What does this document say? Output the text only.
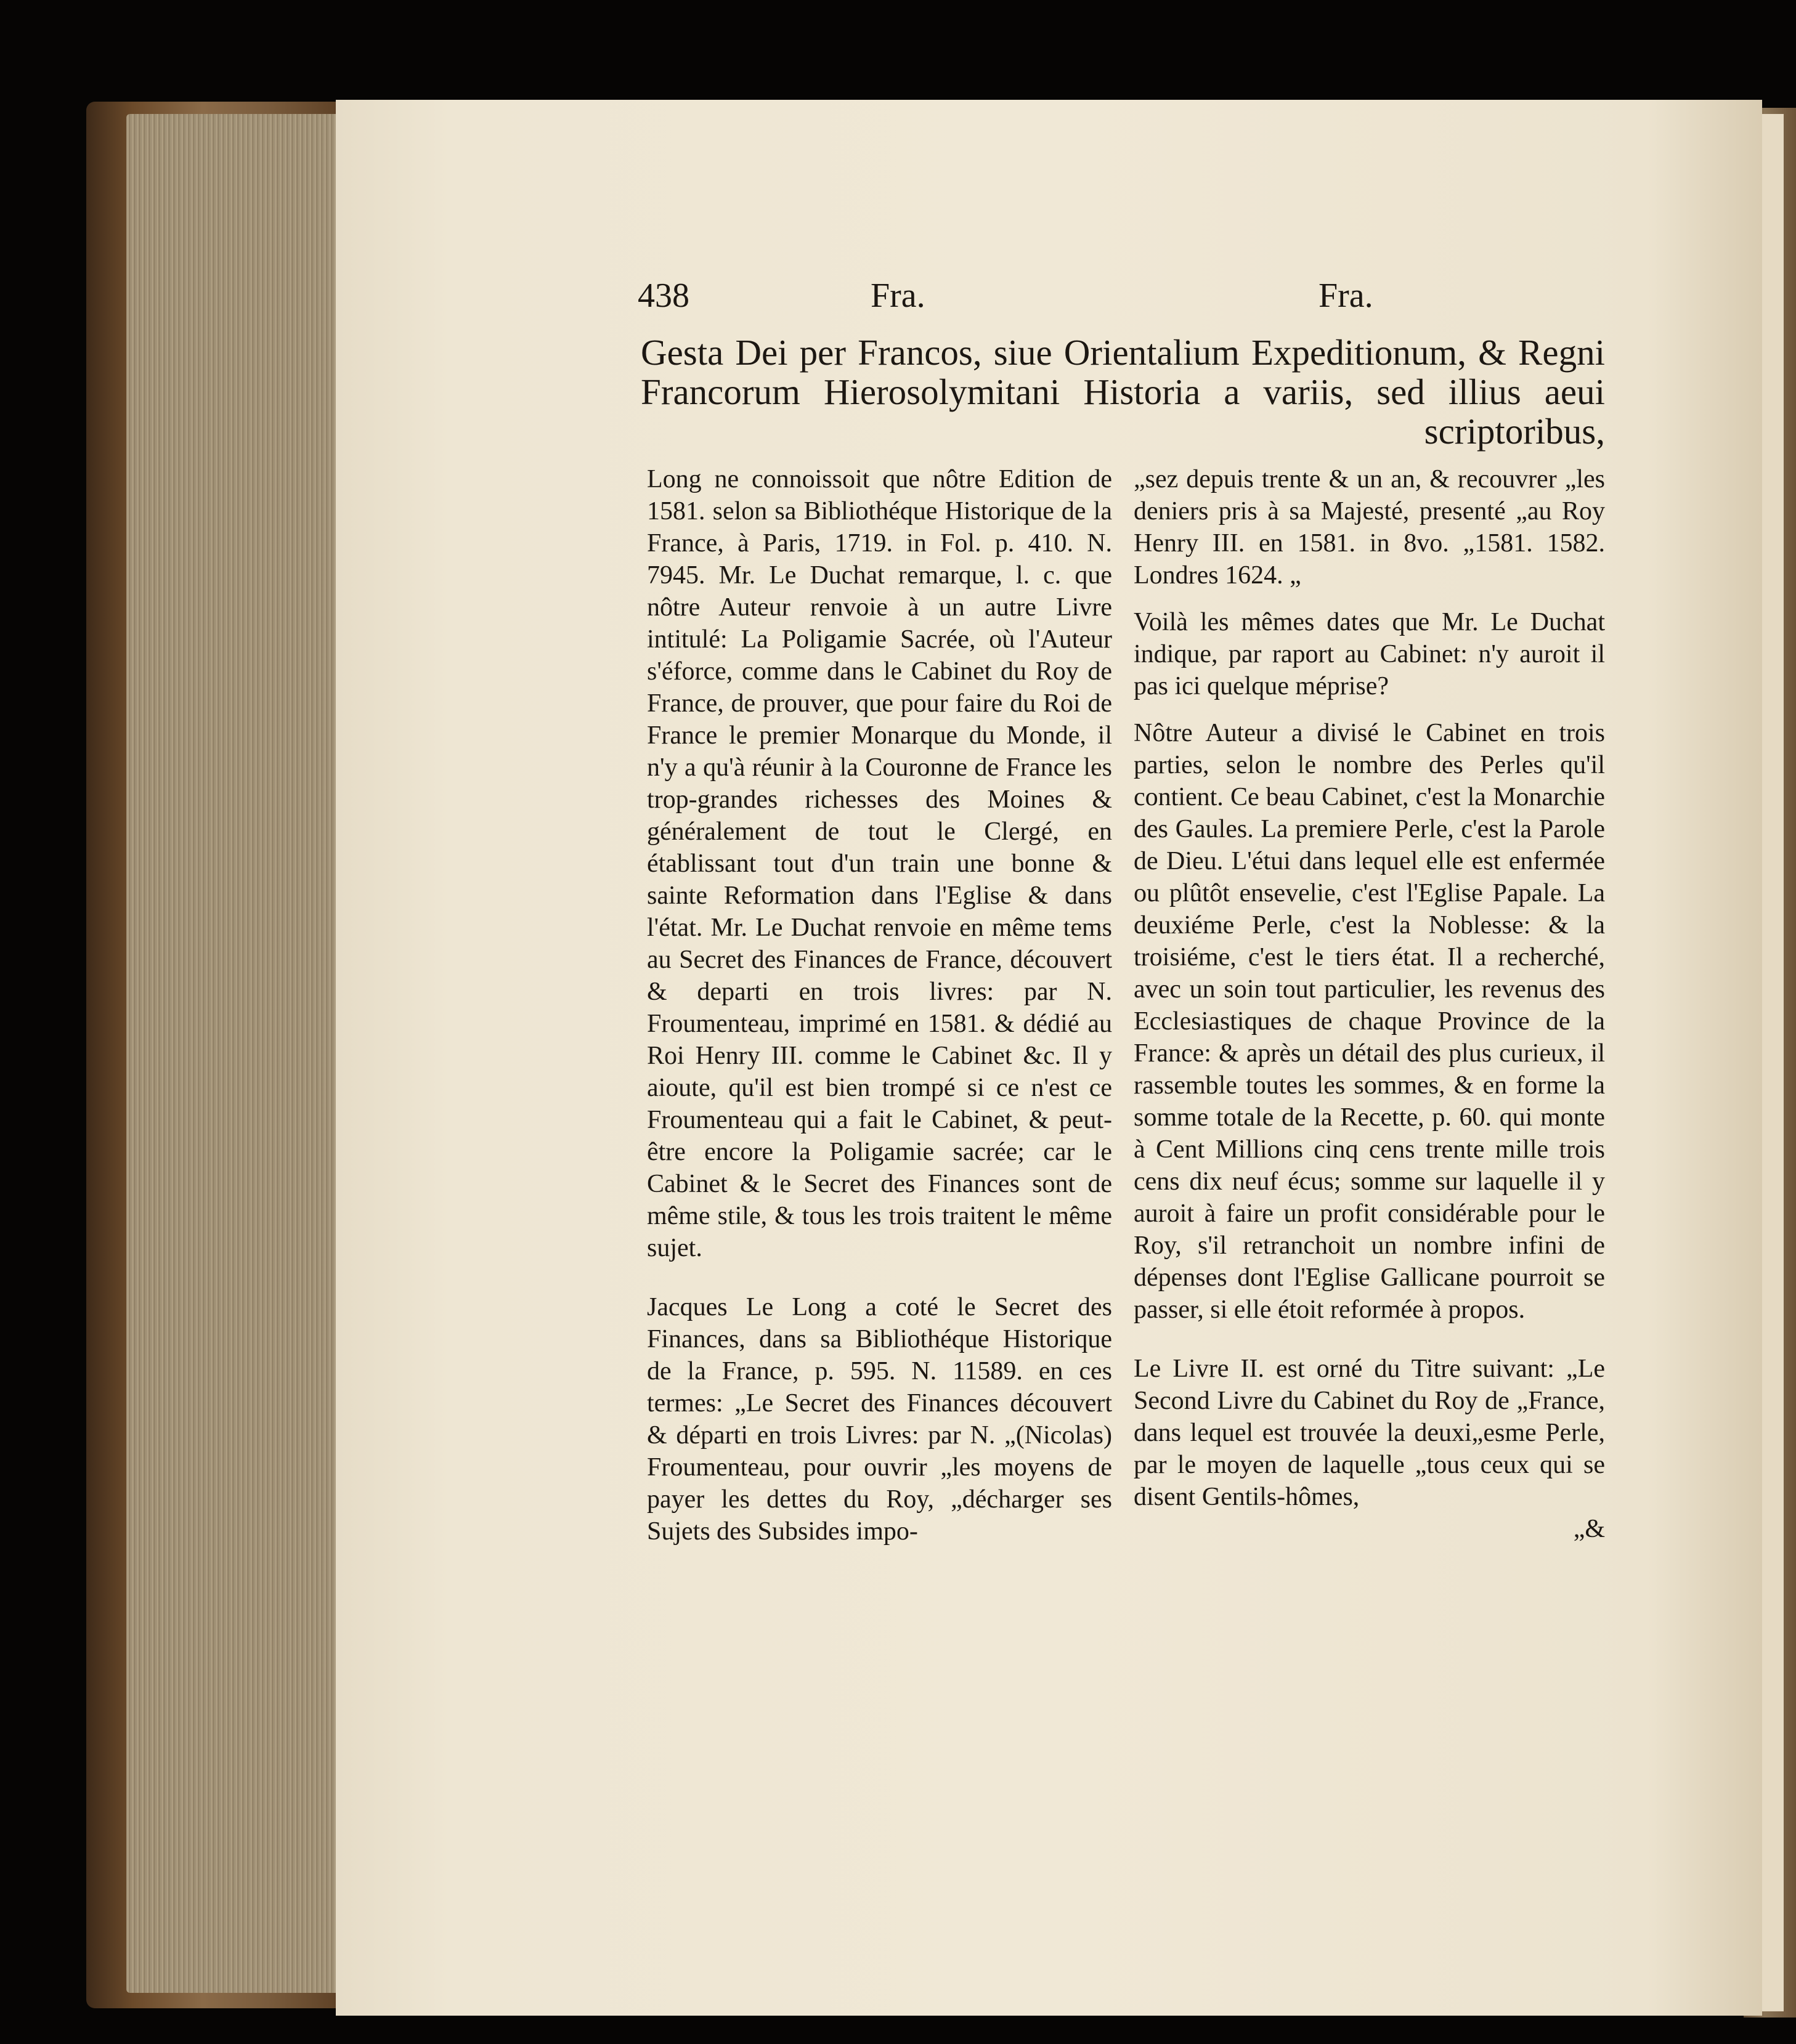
438	Fra.	Fra.
Gesta Dei per Francos, siue Orientalium Expeditionum, & Regni Francorum Hierosolymitani Historia a variis, sed illius aeui scriptoribus,

Long ne connoissoit que nôtre Edition de 1581. selon sa Bibliothéque Historique de la France, à Paris, 1719. in Fol. p. 410. N. 7945. Mr. Le Duchat remarque, l. c. que nôtre Auteur renvoie à un autre Livre intitulé: La Poligamie Sacrée, où l'Auteur s'éforce, comme dans le Cabinet du Roy de France, de prouver, que pour faire du Roi de France le premier Monarque du Monde, il n'y a qu'à réunir à la Couronne de France les trop-grandes richesses des Moines & généralement de tout le Clergé, en établissant tout d'un train une bonne & sainte Reformation dans l'Eglise & dans l'état. Mr. Le Duchat renvoie en même tems au Secret des Finances de France, découvert & departi en trois livres: par N. Froumenteau, imprimé en 1581. & dédié au Roi Henry III. comme le Cabinet &c. Il y aioute, qu'il est bien trompé si ce n'est ce Froumenteau qui a fait le Cabinet, & peut-être encore la Poligamie sacrée; car le Cabinet & le Secret des Finances sont de même stile, & tous les trois traitent le même sujet.

Jacques Le Long a coté le Secret des Finances, dans sa Bibliothéque Historique de la France, p. 595. N. 11589. en ces termes: „Le Secret des Finances découvert & départi en trois Livres: par N. „(Nicolas) Froumenteau, pour ouvrir „les moyens de payer les dettes du Roy, „décharger ses Sujets des Subsides impo-

„sez depuis trente & un an, & recouvrer „les deniers pris à sa Majesté, presenté „au Roy Henry III. en 1581. in 8vo. „1581. 1582. Londres 1624. „

Voilà les mêmes dates que Mr. Le Duchat indique, par raport au Cabinet: n'y auroit il pas ici quelque méprise?

Nôtre Auteur a divisé le Cabinet en trois parties, selon le nombre des Perles qu'il contient. Ce beau Cabinet, c'est la Monarchie des Gaules. La premiere Perle, c'est la Parole de Dieu. L'étui dans lequel elle est enfermée ou plûtôt ensevelie, c'est l'Eglise Papale. La deuxiéme Perle, c'est la Noblesse: & la troisiéme, c'est le tiers état. Il a recherché, avec un soin tout particulier, les revenus des Ecclesiastiques de chaque Province de la France: & après un détail des plus curieux, il rassemble toutes les sommes, & en forme la somme totale de la Recette, p. 60. qui monte à Cent Millions cinq cens trente mille trois cens dix neuf écus; somme sur laquelle il y auroit à faire un profit considérable pour le Roy, s'il retranchoit un nombre infini de dépenses dont l'Eglise Gallicane pourroit se passer, si elle étoit reformée à propos.

Le Livre II. est orné du Titre suivant: „Le Second Livre du Cabinet du Roy de „France, dans lequel est trouvée la deuxi„esme Perle, par le moyen de laquelle „tous ceux qui se disent Gentils-hômes,

„&
